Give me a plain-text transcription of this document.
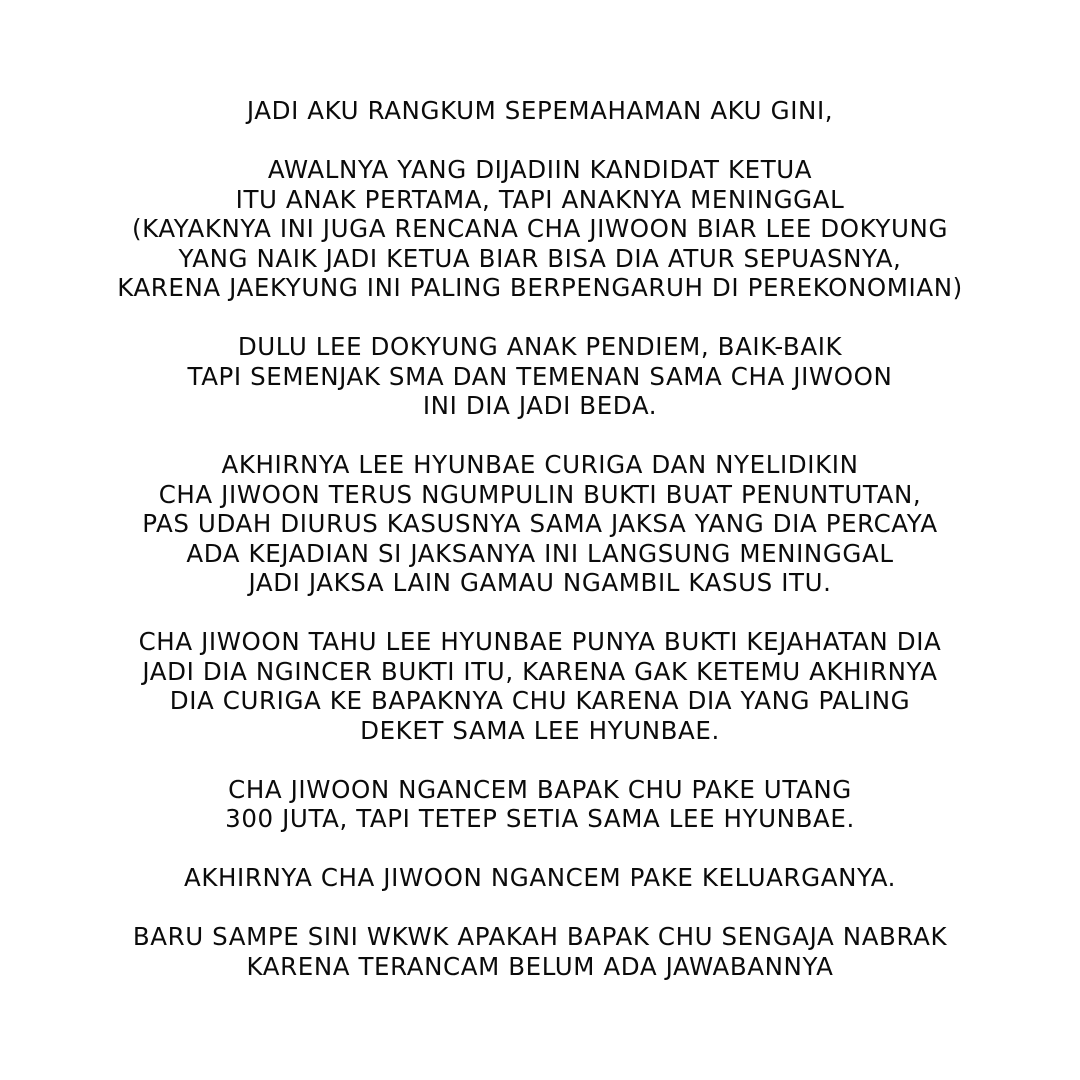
JADI AKU RANGKUM SEPEMAHAMAN AKU GINI,

AWALNYA YANG DIJADIIN KANDIDAT KETUA
ITU ANAK PERTAMA, TAPI ANAKNYA MENINGGAL
(KAYAKNYA INI JUGA RENCANA CHA JIWOON BIAR LEE DOKYUNG
YANG NAIK JADI KETUA BIAR BISA DIA ATUR SEPUASNYA,
KARENA JAEKYUNG INI PALING BERPENGARUH DI PEREKONOMIAN)

DULU LEE DOKYUNG ANAK PENDIEM, BAIK-BAIK
TAPI SEMENJAK SMA DAN TEMENAN SAMA CHA JIWOON
INI DIA JADI BEDA.

AKHIRNYA LEE HYUNBAE CURIGA DAN NYELIDIKIN
CHA JIWOON TERUS NGUMPULIN BUKTI BUAT PENUNTUTAN,
PAS UDAH DIURUS KASUSNYA SAMA JAKSA YANG DIA PERCAYA
ADA KEJADIAN SI JAKSANYA INI LANGSUNG MENINGGAL
JADI JAKSA LAIN GAMAU NGAMBIL KASUS ITU.

CHA JIWOON TAHU LEE HYUNBAE PUNYA BUKTI KEJAHATAN DIA
JADI DIA NGINCER BUKTI ITU, KARENA GAK KETEMU AKHIRNYA
DIA CURIGA KE BAPAKNYA CHU KARENA DIA YANG PALING
DEKET SAMA LEE HYUNBAE.

CHA JIWOON NGANCEM BAPAK CHU PAKE UTANG
300 JUTA, TAPI TETEP SETIA SAMA LEE HYUNBAE.

AKHIRNYA CHA JIWOON NGANCEM PAKE KELUARGANYA.

BARU SAMPE SINI WKWK APAKAH BAPAK CHU SENGAJA NABRAK
KARENA TERANCAM BELUM ADA JAWABANNYA
